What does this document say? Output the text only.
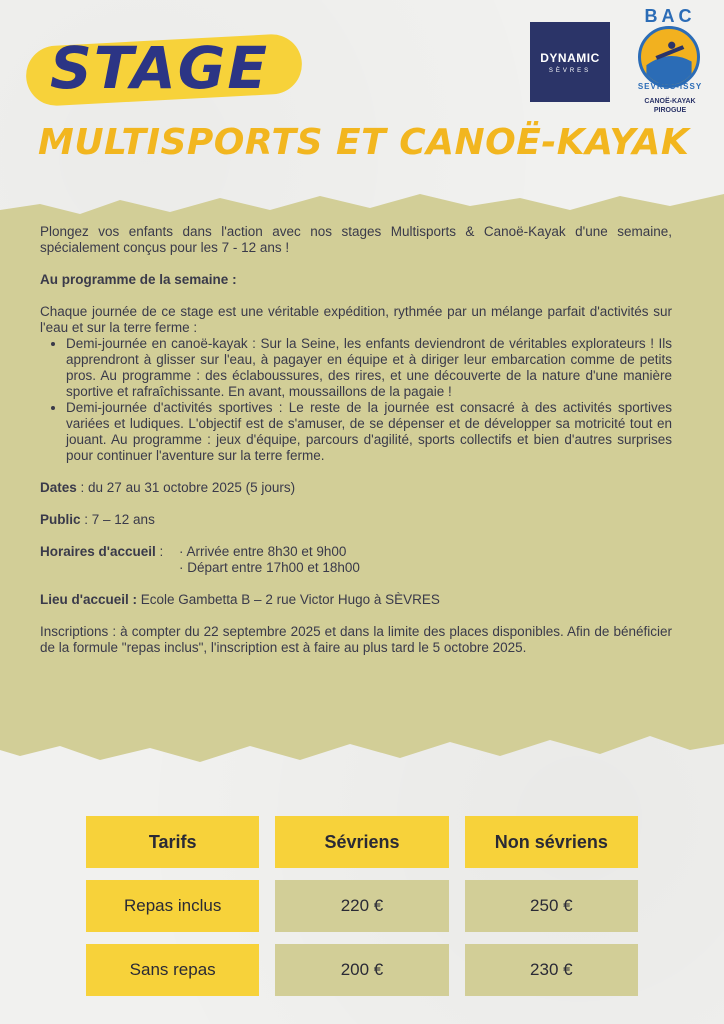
STAGE
MULTISPORTS ET CANOË-KAYAK
DYNAMIC
SÈVRES
BAC
SEVRES-ISSY
CANOË-KAYAK
PIROGUE

Plongez vos enfants dans l'action avec nos stages Multisports & Canoë-Kayak d'une semaine, spécialement conçus pour les 7 - 12 ans !

Au programme de la semaine :

Chaque journée de ce stage est une véritable expédition, rythmée par un mélange parfait d'activités sur l'eau et sur la terre ferme :

• Demi-journée en canoë-kayak : Sur la Seine, les enfants deviendront de véritables explorateurs ! Ils apprendront à glisser sur l'eau, à pagayer en équipe et à diriger leur embarcation comme de petits pros. Au programme : des éclaboussures, des rires, et une découverte de la nature d'une manière sportive et rafraîchissante. En avant, moussaillons de la pagaie !
• Demi-journée d'activités sportives : Le reste de la journée est consacré à des activités sportives variées et ludiques. L'objectif est de s'amuser, de se dépenser et de développer sa motricité tout en jouant. Au programme : jeux d'équipe, parcours d'agilité, sports collectifs et bien d'autres surprises pour continuer l'aventure sur la terre ferme.

Dates : du 27 au 31 octobre 2025 (5 jours)

Public : 7 – 12 ans

Horaires d'accueil : · Arrivée entre 8h30 et 9h00
· Départ entre 17h00 et 18h00

Lieu d'accueil : Ecole Gambetta B – 2 rue Victor Hugo à SÈVRES

Inscriptions : à compter du 22 septembre 2025 et dans la limite des places disponibles. Afin de bénéficier de la formule "repas inclus", l'inscription est à faire au plus tard le 5 octobre 2025.

Tarifs	Sévriens	Non sévriens
Repas inclus	220 €	250 €
Sans repas	200 €	230 €
